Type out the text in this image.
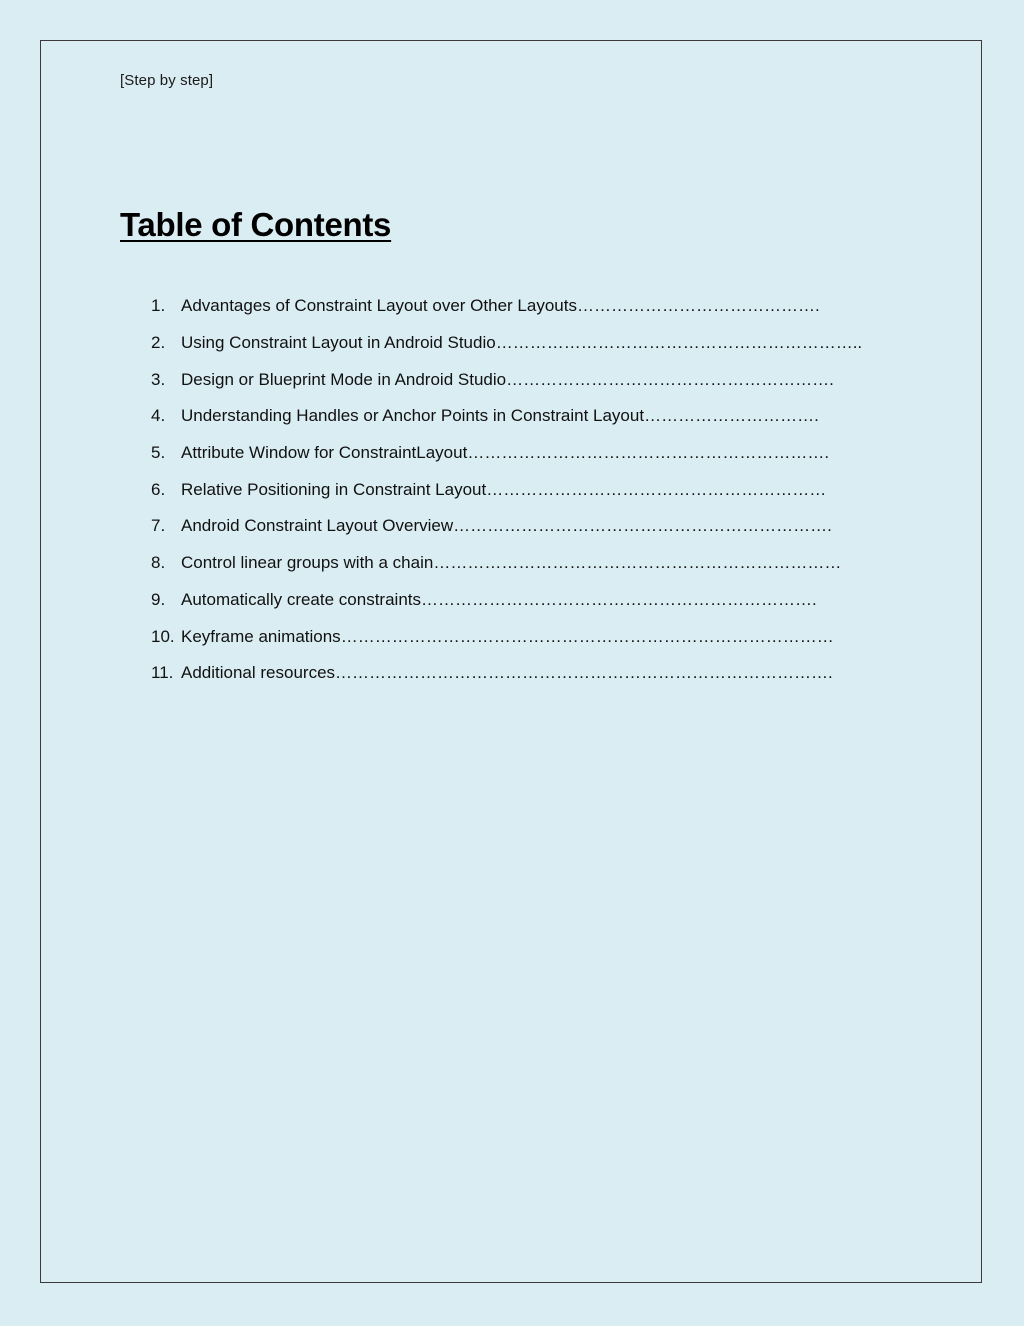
[Step by step]
Table of Contents
1. Advantages of Constraint Layout over Other Layouts …………………………………….
2. Using Constraint Layout in Android Studio ………………………………………………………..
3. Design or Blueprint Mode in Android Studio ………………………………………………….
4. Understanding Handles or Anchor Points in Constraint Layout ………………………….
5. Attribute Window for ConstraintLayout ……………………………………………………….
6. Relative Positioning in Constraint Layout ……………………………………………………
7. Android Constraint Layout Overview ………………………………………………………….
8. Control linear groups with a chain ………………………………………………………………
9. Automatically create constraints …………………………………………………………….
10. Keyframe animations ……………………………………………………………………………
11. Additional resources …………………………………………………………………………….
